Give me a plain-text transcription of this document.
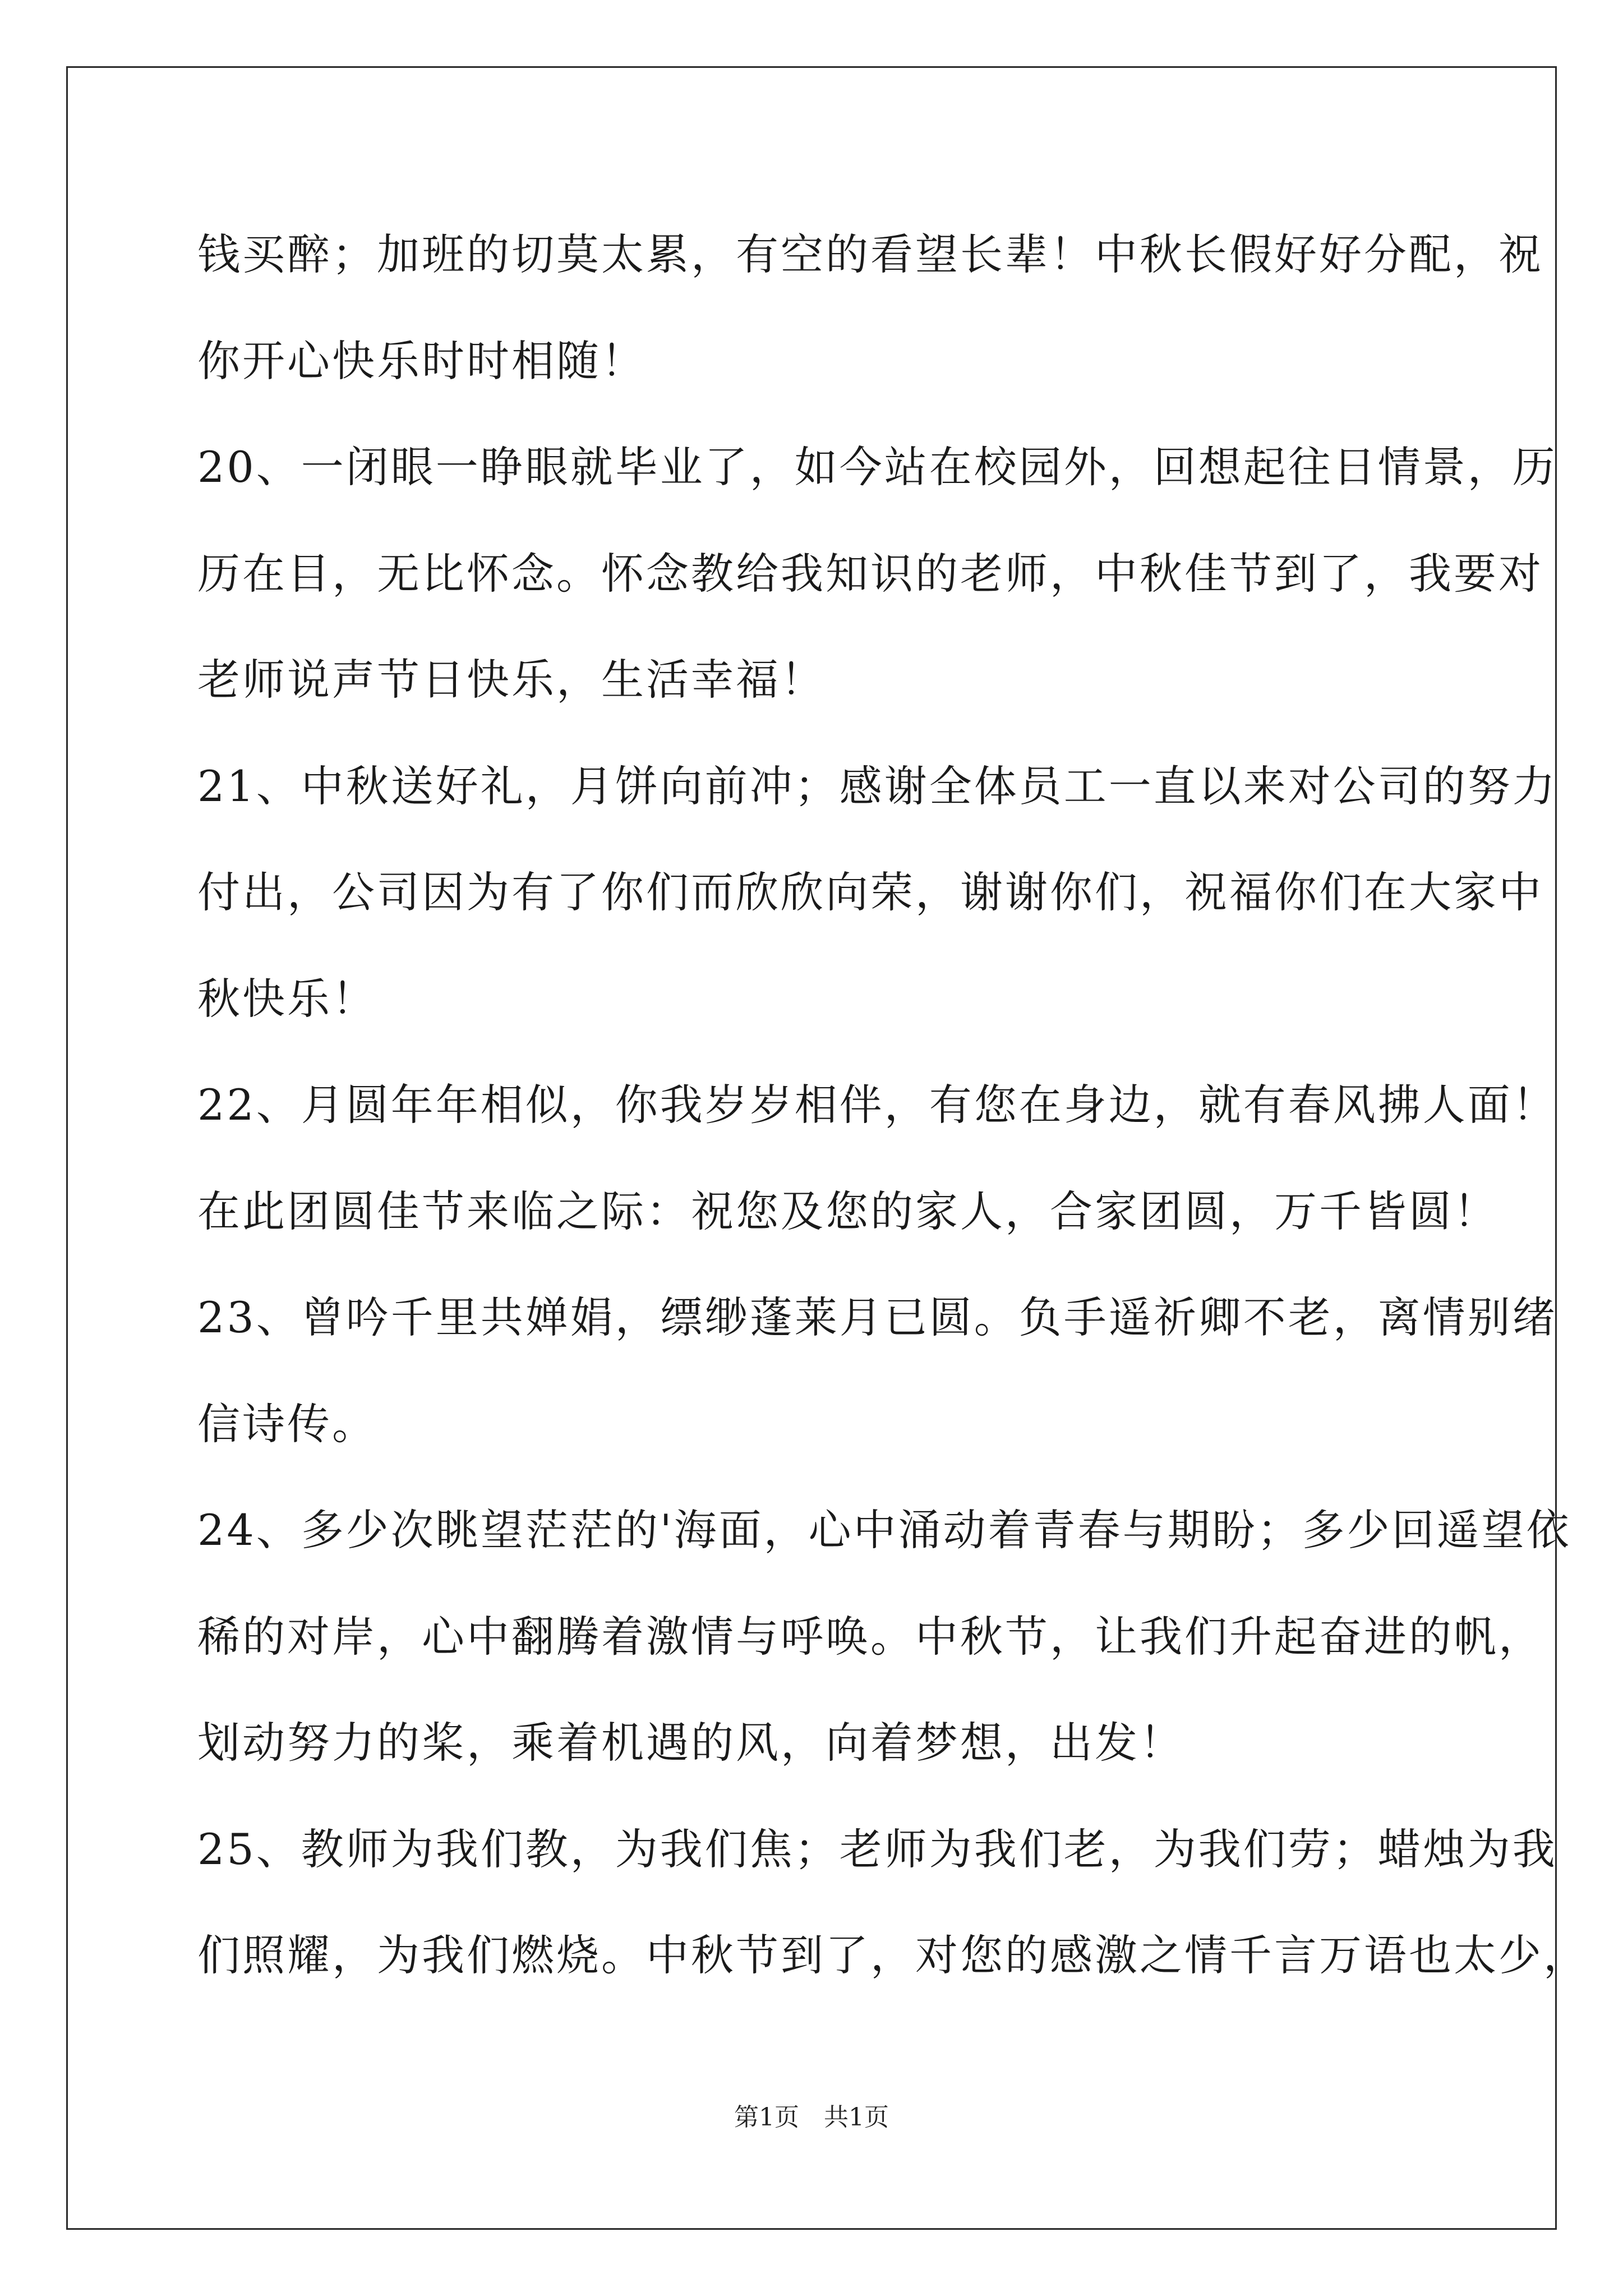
钱买醉；加班的切莫太累，有空的看望长辈！中秋长假好好分配，祝
你开心快乐时时相随！
20、一闭眼一睁眼就毕业了，如今站在校园外，回想起往日情景，历
历在目，无比怀念。怀念教给我知识的老师，中秋佳节到了，我要对
老师说声节日快乐，生活幸福！
21、中秋送好礼，月饼向前冲；感谢全体员工一直以来对公司的努力
付出，公司因为有了你们而欣欣向荣，谢谢你们，祝福你们在大家中
秋快乐！
22、月圆年年相似，你我岁岁相伴，有您在身边，就有春风拂人面！
在此团圆佳节来临之际：祝您及您的家人，合家团圆，万千皆圆！
23、曾吟千里共婵娟，缥缈蓬莱月已圆。负手遥祈卿不老，离情别绪
信诗传。
24、多少次眺望茫茫的'海面，心中涌动着青春与期盼；多少回遥望依
稀的对岸，心中翻腾着激情与呼唤。中秋节，让我们升起奋进的帆，
划动努力的桨，乘着机遇的风，向着梦想，出发！
25、教师为我们教，为我们焦；老师为我们老，为我们劳；蜡烛为我
们照耀，为我们燃烧。中秋节到了，对您的感激之情千言万语也太少，
第1页　共1页
